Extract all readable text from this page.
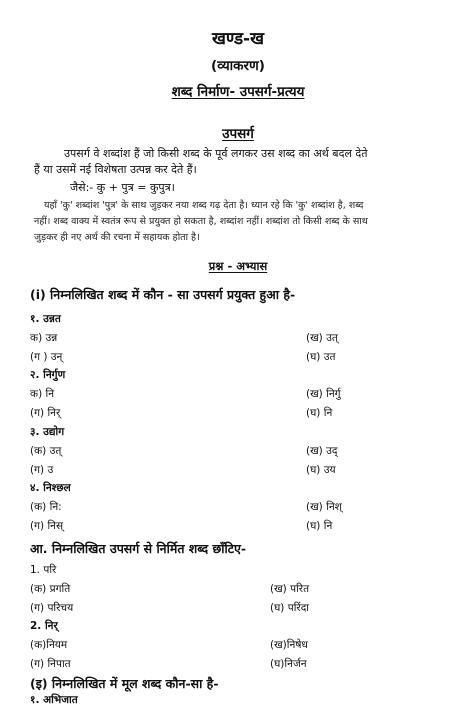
खण्ड-ख
(व्याकरण)
शब्द निर्माण- उपसर्ग-प्रत्यय
उपसर्ग
उपसर्ग वे शब्दांश हैं जो किसी शब्द के पूर्व लगकर उस शब्द का अर्थ बदल देते
हैं या उसमें नई विशेषता उत्पन्न कर देते हैं।
जैसे:- कु + पुत्र = कुपुत्र।
यहाँ 'कु' शब्दांश 'पुत्र' के साथ जुड़कर नया शब्द गढ़ देता है। ध्यान रहे कि 'कु' शब्दांश है, शब्द
नहीं। शब्द वाक्य में स्वतंत्र रूप से प्रयुक्त हो सकता है, शब्दांश नहीं। शब्दांश तो किसी शब्द के साथ
जुड़कर ही नए अर्थ की रचना में सहायक होता है।
प्रश्न - अभ्यास
(i) निम्नलिखित शब्द में कौन - सा उपसर्ग प्रयुक्त हुआ है-
१. उन्नत
क) उन्न	(ख) उत्
(ग ) उन्	(घ) उत
२. निर्गुण
क) नि	(ख) निर्गु
(ग) निर्	(घ) नि
३. उद्योग
(क) उत्	(ख) उद्
(ग) उ	(घ) उय
४. निश्छल
(क) नि:	(ख) निश्
(ग) निस्	(घ) नि
आ. निम्नलिखित उपसर्ग से निर्मित शब्द छाँटिए-
1. परि
(क) प्रगति	(ख) परित
(ग) परिचय	(घ) परिंदा
2. निर्
(क)नियम	(ख)निषेध
(ग) निपात	(घ)निर्जन
(इ) निम्नलिखित में मूल शब्द कौन-सा है-
१. अभिजात
